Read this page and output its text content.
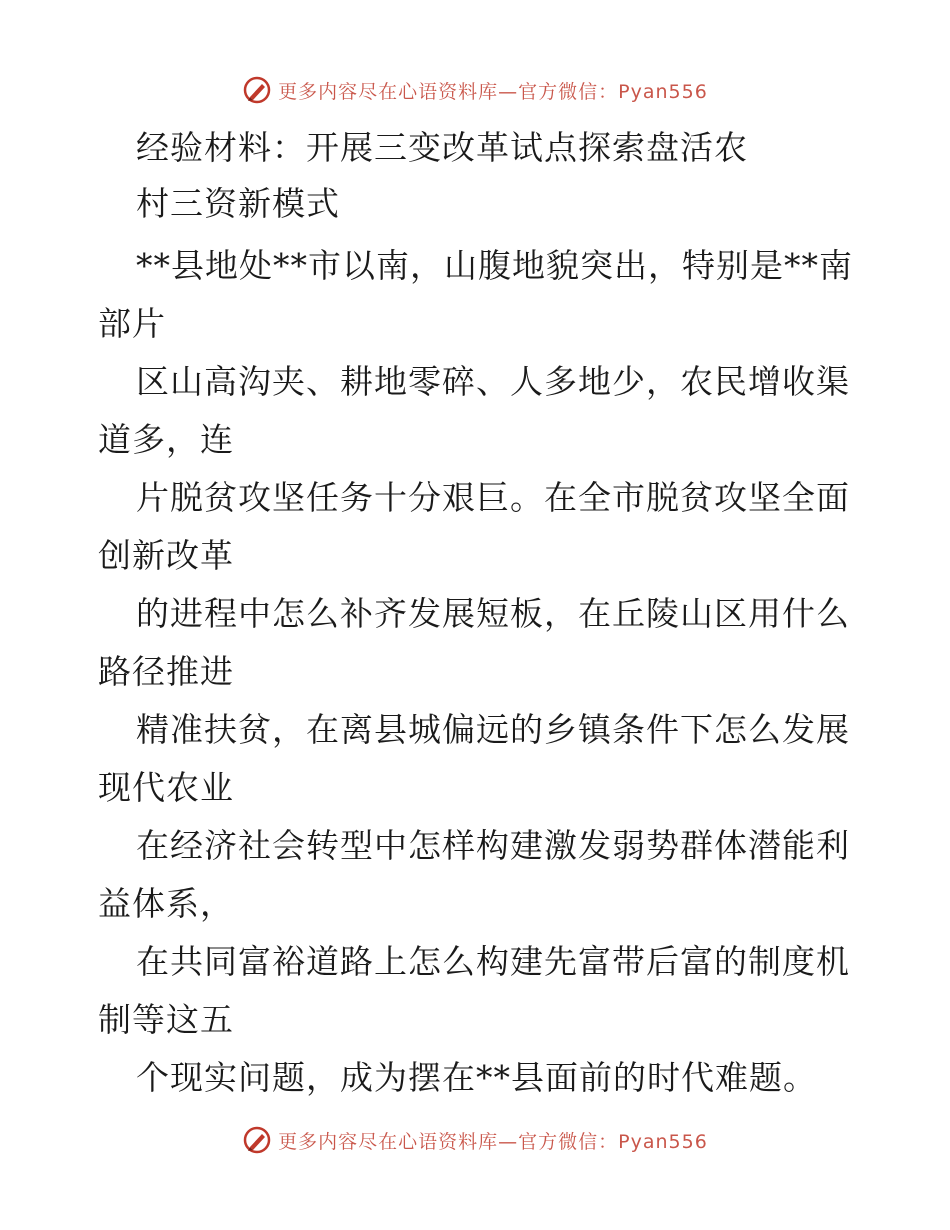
更多内容尽在心语资料库—官方微信：Pyan556
经验材料：开展三变改革试点探索盘活农
村三资新模式
**县地处**市以南，山腹地貌突出，特别是**南
部片
区山高沟夹、耕地零碎、人多地少，农民增收渠
道多，连
片脱贫攻坚任务十分艰巨。在全市脱贫攻坚全面
创新改革
的进程中怎么补齐发展短板，在丘陵山区用什么
路径推进
精准扶贫，在离县城偏远的乡镇条件下怎么发展
现代农业
在经济社会转型中怎样构建激发弱势群体潜能利
益体系，
在共同富裕道路上怎么构建先富带后富的制度机
制等这五
个现实问题，成为摆在**县面前的时代难题。
更多内容尽在心语资料库—官方微信：Pyan556
